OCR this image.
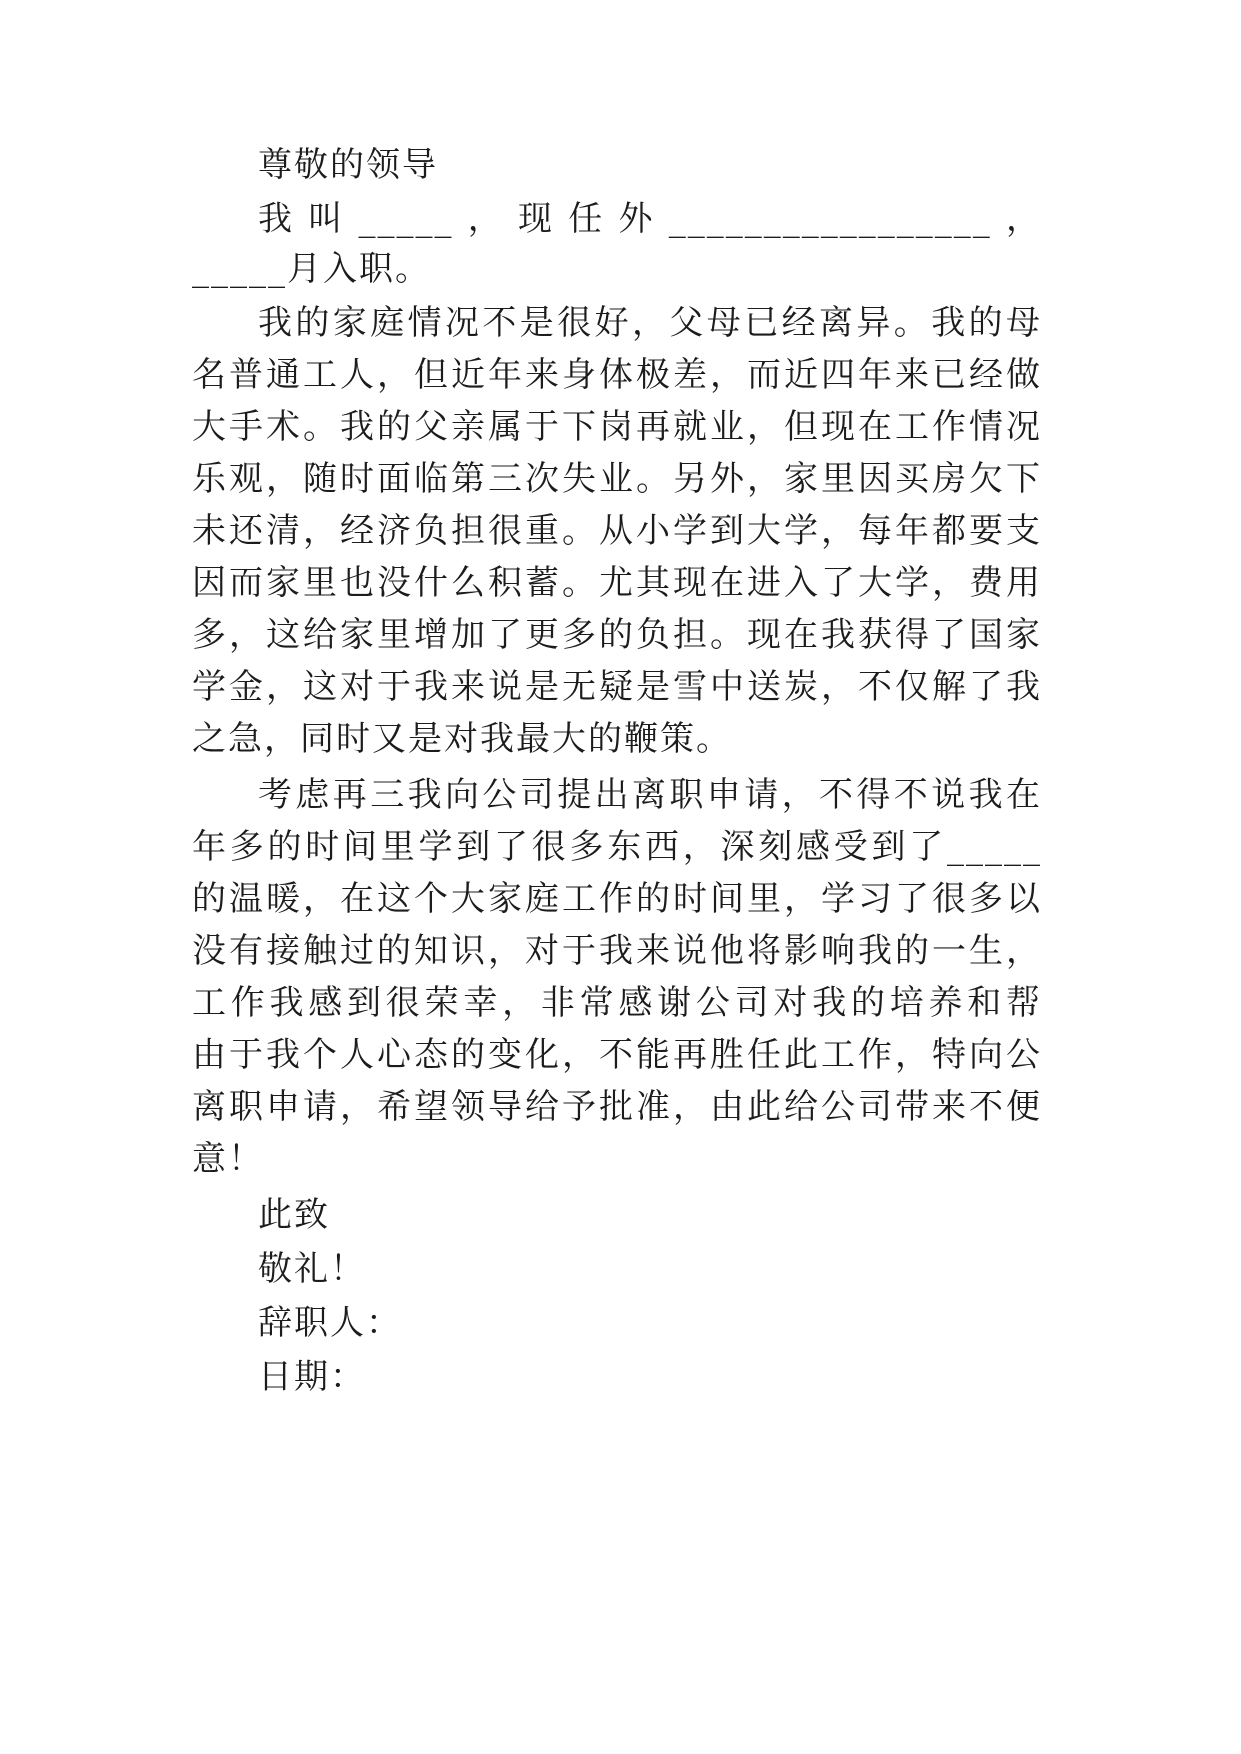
尊敬的领导
我叫_____，现任外_________________，
_____月入职。
我的家庭情况不是很好，父母已经离异。我的母
名普通工人，但近年来身体极差，而近四年来已经做
大手术。我的父亲属于下岗再就业，但现在工作情况
乐观，随时面临第三次失业。另外，家里因买房欠下
未还清，经济负担很重。从小学到大学，每年都要支
因而家里也没什么积蓄。尤其现在进入了大学，费用
多，这给家里增加了更多的负担。现在我获得了国家
学金，这对于我来说是无疑是雪中送炭，不仅解了我
之急，同时又是对我最大的鞭策。
考虑再三我向公司提出离职申请，不得不说我在
年多的时间里学到了很多东西，深刻感受到了_____
的温暖，在这个大家庭工作的时间里，学习了很多以
没有接触过的知识，对于我来说他将影响我的一生，
工作我感到很荣幸，非常感谢公司对我的培养和帮
由于我个人心态的变化，不能再胜任此工作，特向公
离职申请，希望领导给予批准，由此给公司带来不便
意！
此致
敬礼！
辞职人：
日期：
